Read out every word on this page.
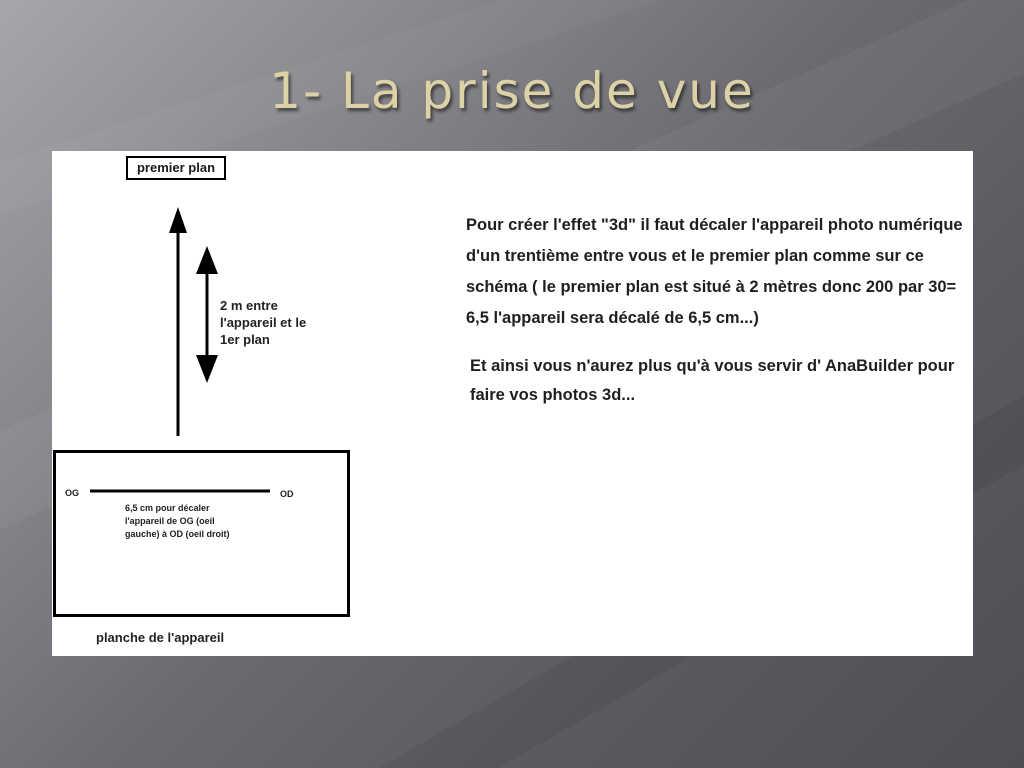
1- La prise de vue
premier plan
2 m entre l'appareil et le 1er plan
OG	OD
6,5 cm pour décaler l'appareil de OG (oeil gauche) à OD (oeil droit)
planche de l'appareil

Pour créer l'effet "3d" il faut décaler l'appareil photo numérique d'un trentième entre vous et le premier plan comme sur ce schéma ( le premier plan est situé à 2 mètres donc 200 par 30= 6,5 l'appareil sera décalé de 6,5 cm...)

Et ainsi vous n'aurez plus qu'à vous servir d' AnaBuilder pour faire vos photos 3d...
